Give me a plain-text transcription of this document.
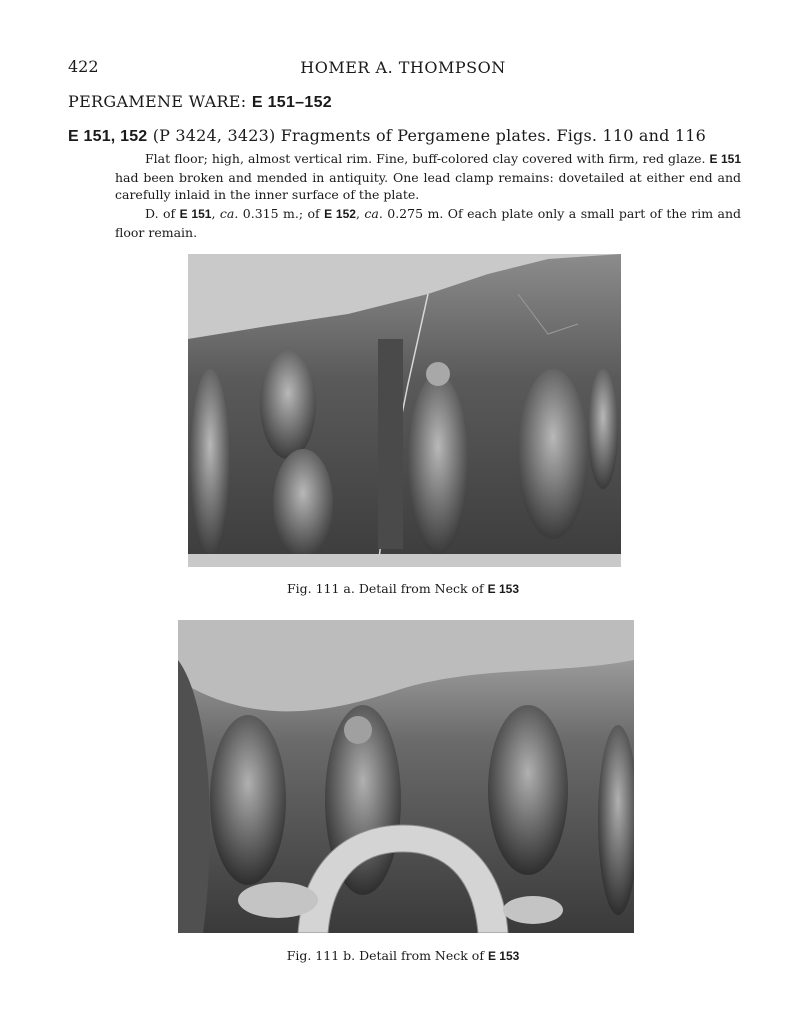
422	HOMER A. THOMPSON
PERGAMENE WARE: E 151–152
E 151, 152 (P 3424, 3423) Fragments of Pergamene plates. Figs. 110 and 116

Flat floor; high, almost vertical rim. Fine, buff-colored clay covered with firm, red glaze. E 151 had been broken and mended in antiquity. One lead clamp remains: dovetailed at either end and carefully inlaid in the inner surface of the plate.

D. of E 151, ca. 0.315 m.; of E 152, ca. 0.275 m. Of each plate only a small part of the rim and floor remain.

Fig. 111 a. Detail from Neck of E 153
Fig. 111 b. Detail from Neck of E 153
